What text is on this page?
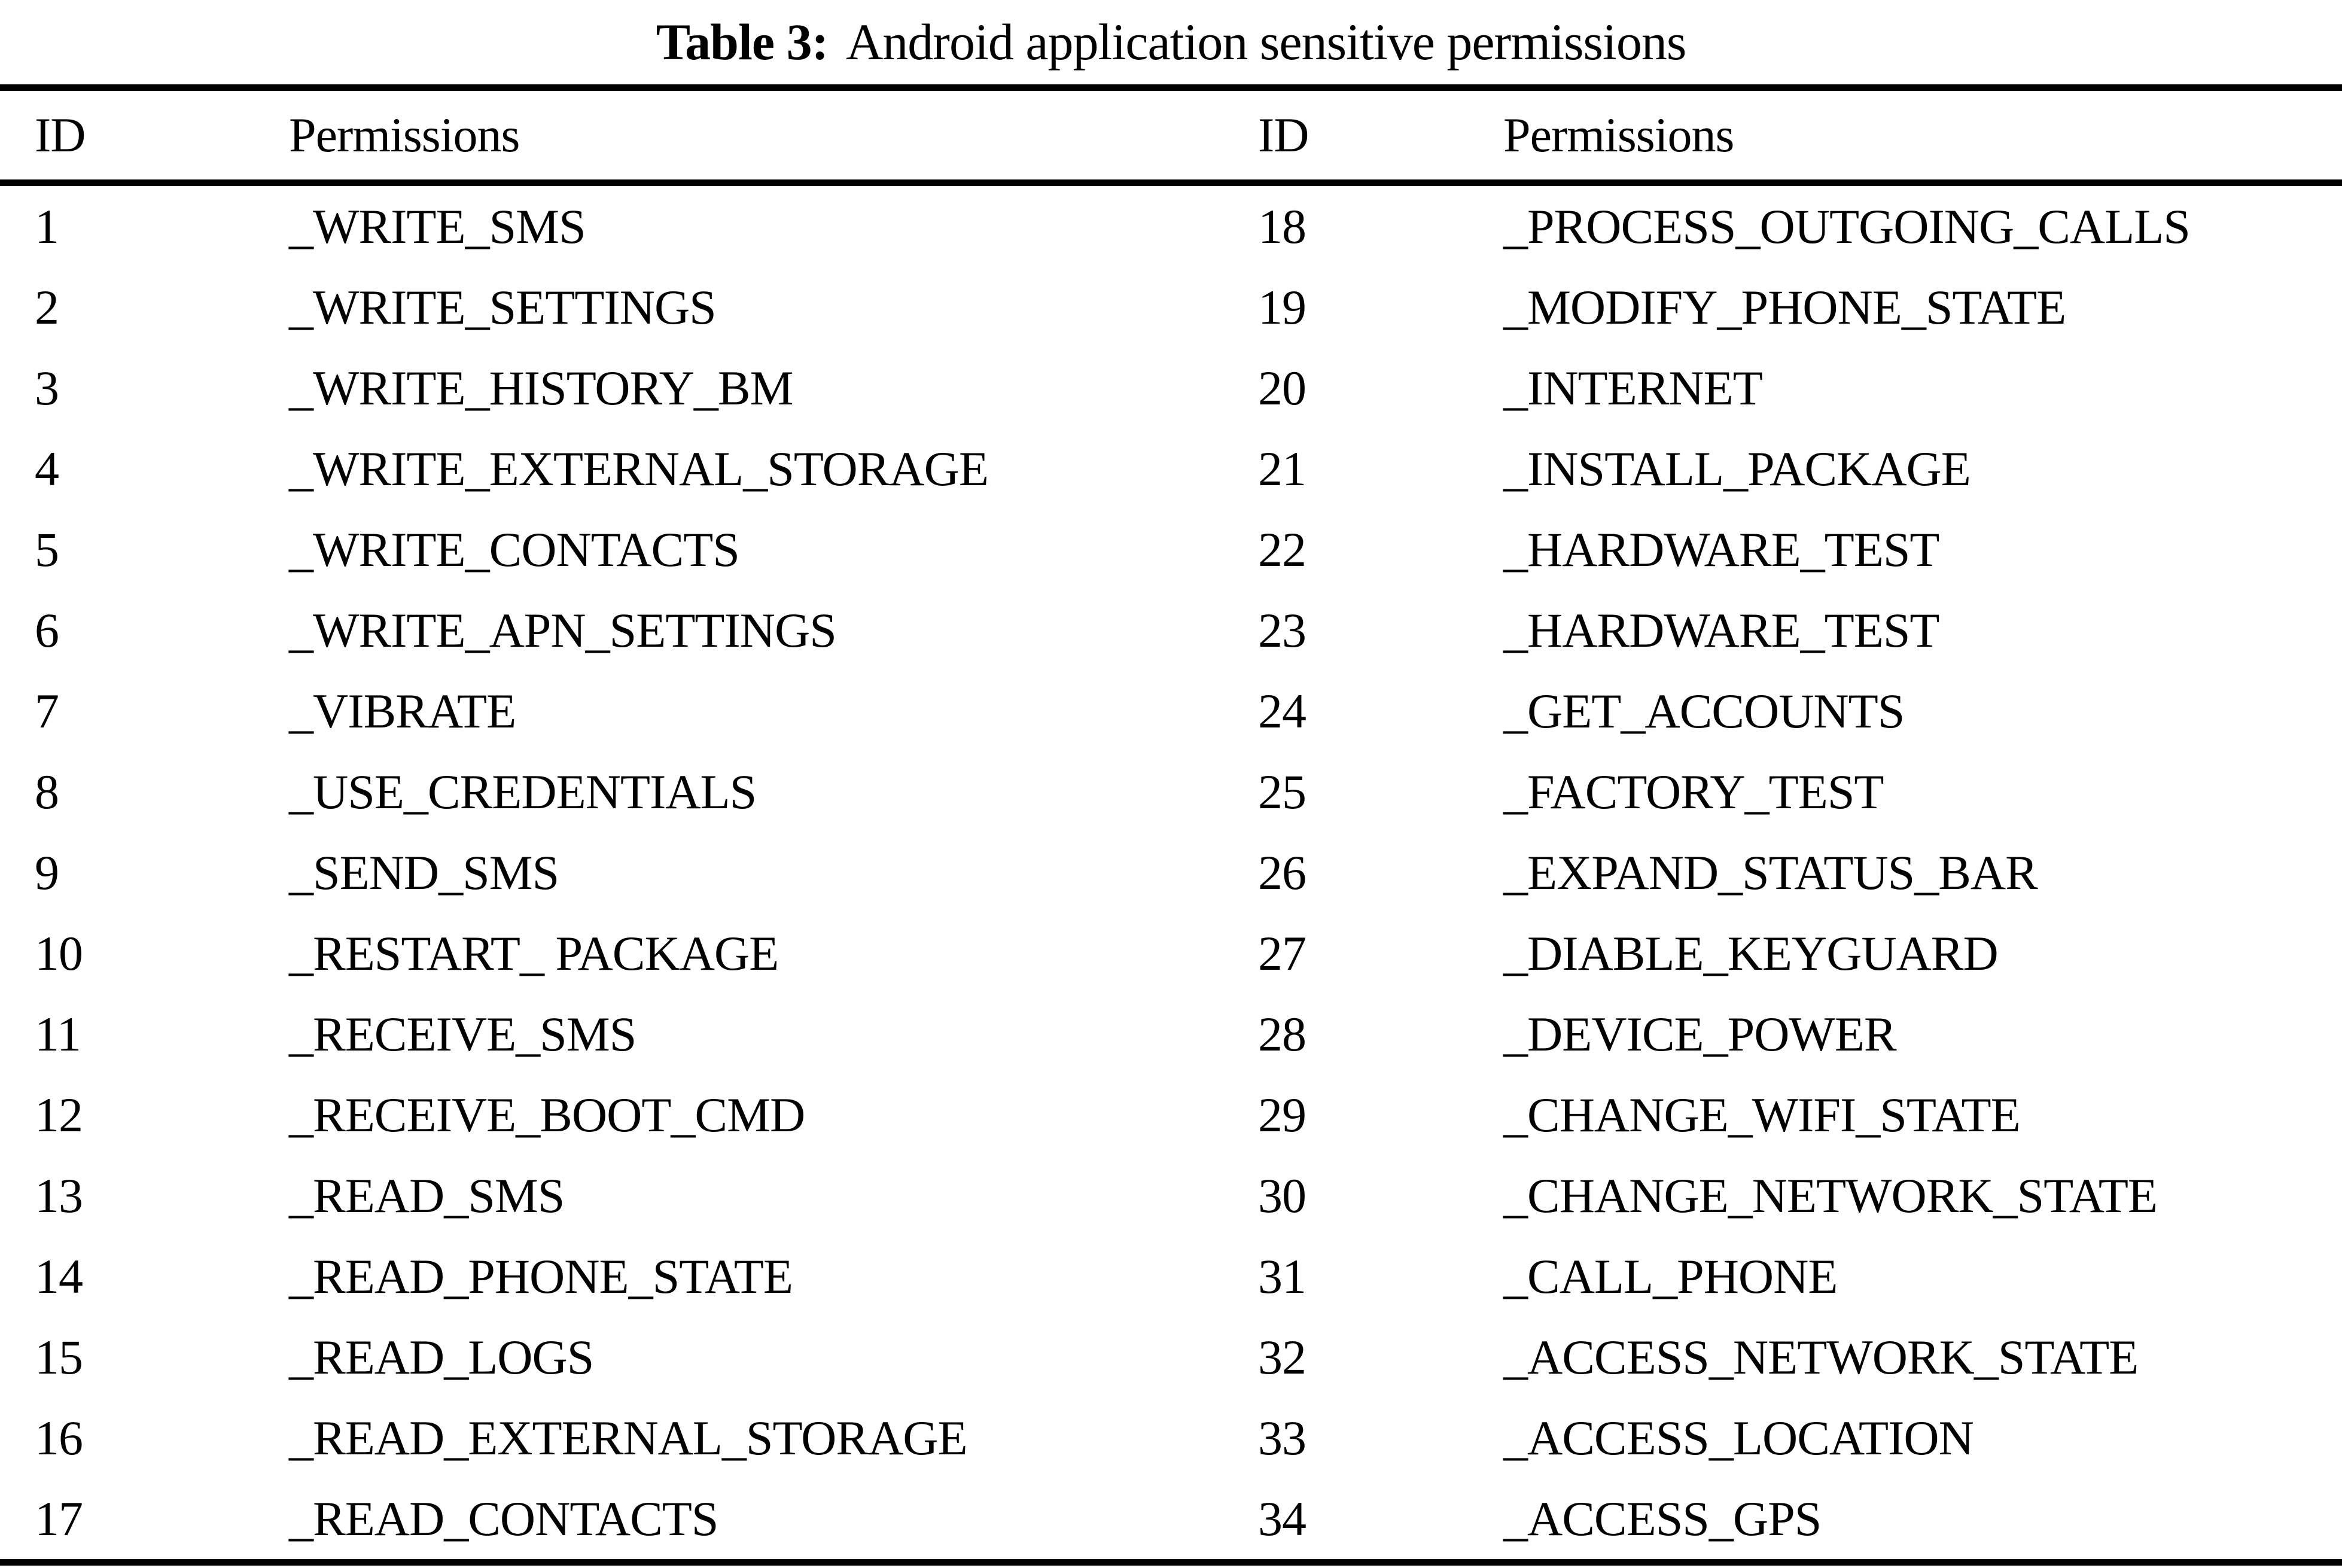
Table 3: Android application sensitive permissions
ID	Permissions	ID	Permissions
1	_WRITE_SMS	18	_PROCESS_OUTGOING_CALLS
2	_WRITE_SETTINGS	19	_MODIFY_PHONE_STATE
3	_WRITE_HISTORY_BM	20	_INTERNET
4	_WRITE_EXTERNAL_STORAGE	21	_INSTALL_PACKAGE
5	_WRITE_CONTACTS	22	_HARDWARE_TEST
6	_WRITE_APN_SETTINGS	23	_HARDWARE_TEST
7	_VIBRATE	24	_GET_ACCOUNTS
8	_USE_CREDENTIALS	25	_FACTORY_TEST
9	_SEND_SMS	26	_EXPAND_STATUS_BAR
10	_RESTART_ PACKAGE	27	_DIABLE_KEYGUARD
11	_RECEIVE_SMS	28	_DEVICE_POWER
12	_RECEIVE_BOOT_CMD	29	_CHANGE_WIFI_STATE
13	_READ_SMS	30	_CHANGE_NETWORK_STATE
14	_READ_PHONE_STATE	31	_CALL_PHONE
15	_READ_LOGS	32	_ACCESS_NETWORK_STATE
16	_READ_EXTERNAL_STORAGE	33	_ACCESS_LOCATION
17	_READ_CONTACTS	34	_ACCESS_GPS
